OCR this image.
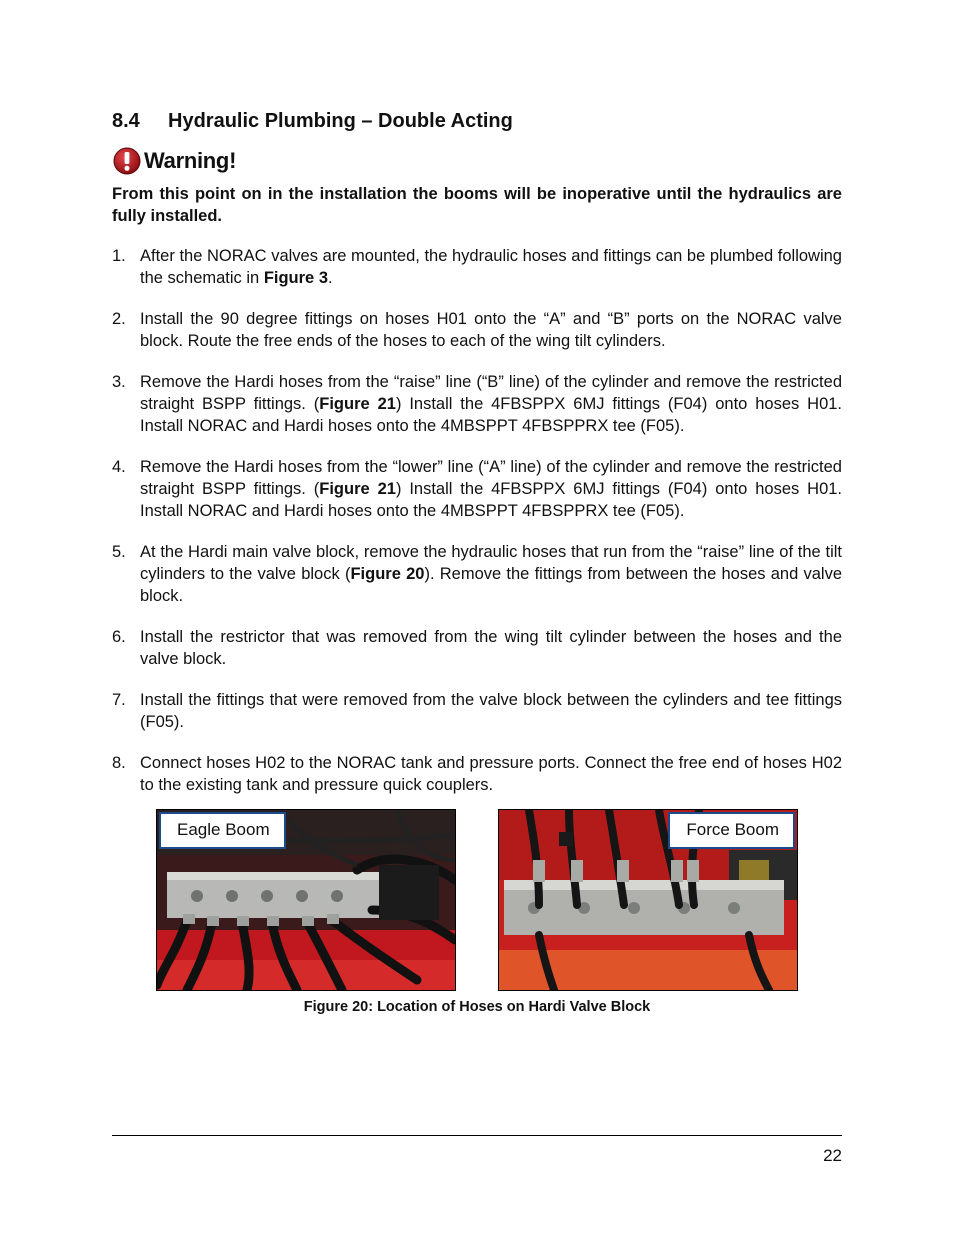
8.4 Hydraulic Plumbing – Double Acting
Warning!
From this point on in the installation the booms will be inoperative until the hydraulics are fully installed.
1. After the NORAC valves are mounted, the hydraulic hoses and fittings can be plumbed following the schematic in Figure 3.
2. Install the 90 degree fittings on hoses H01 onto the “A” and “B” ports on the NORAC valve block. Route the free ends of the hoses to each of the wing tilt cylinders.
3. Remove the Hardi hoses from the “raise” line (“B” line) of the cylinder and remove the restricted straight BSPP fittings. (Figure 21) Install the 4FBSPPX 6MJ fittings (F04) onto hoses H01. Install NORAC and Hardi hoses onto the 4MBSPPT 4FBSPPRX tee (F05).
4. Remove the Hardi hoses from the “lower” line (“A” line) of the cylinder and remove the restricted straight BSPP fittings. (Figure 21) Install the 4FBSPPX 6MJ fittings (F04) onto hoses H01. Install NORAC and Hardi hoses onto the 4MBSPPT 4FBSPPRX tee (F05).
5. At the Hardi main valve block, remove the hydraulic hoses that run from the “raise” line of the tilt cylinders to the valve block (Figure 20). Remove the fittings from between the hoses and valve block.
6. Install the restrictor that was removed from the wing tilt cylinder between the hoses and the valve block.
7. Install the fittings that were removed from the valve block between the cylinders and tee fittings (F05).
8. Connect hoses H02 to the NORAC tank and pressure ports. Connect the free end of hoses H02 to the existing tank and pressure quick couplers.
Eagle Boom	Force Boom
Figure 20: Location of Hoses on Hardi Valve Block
22
